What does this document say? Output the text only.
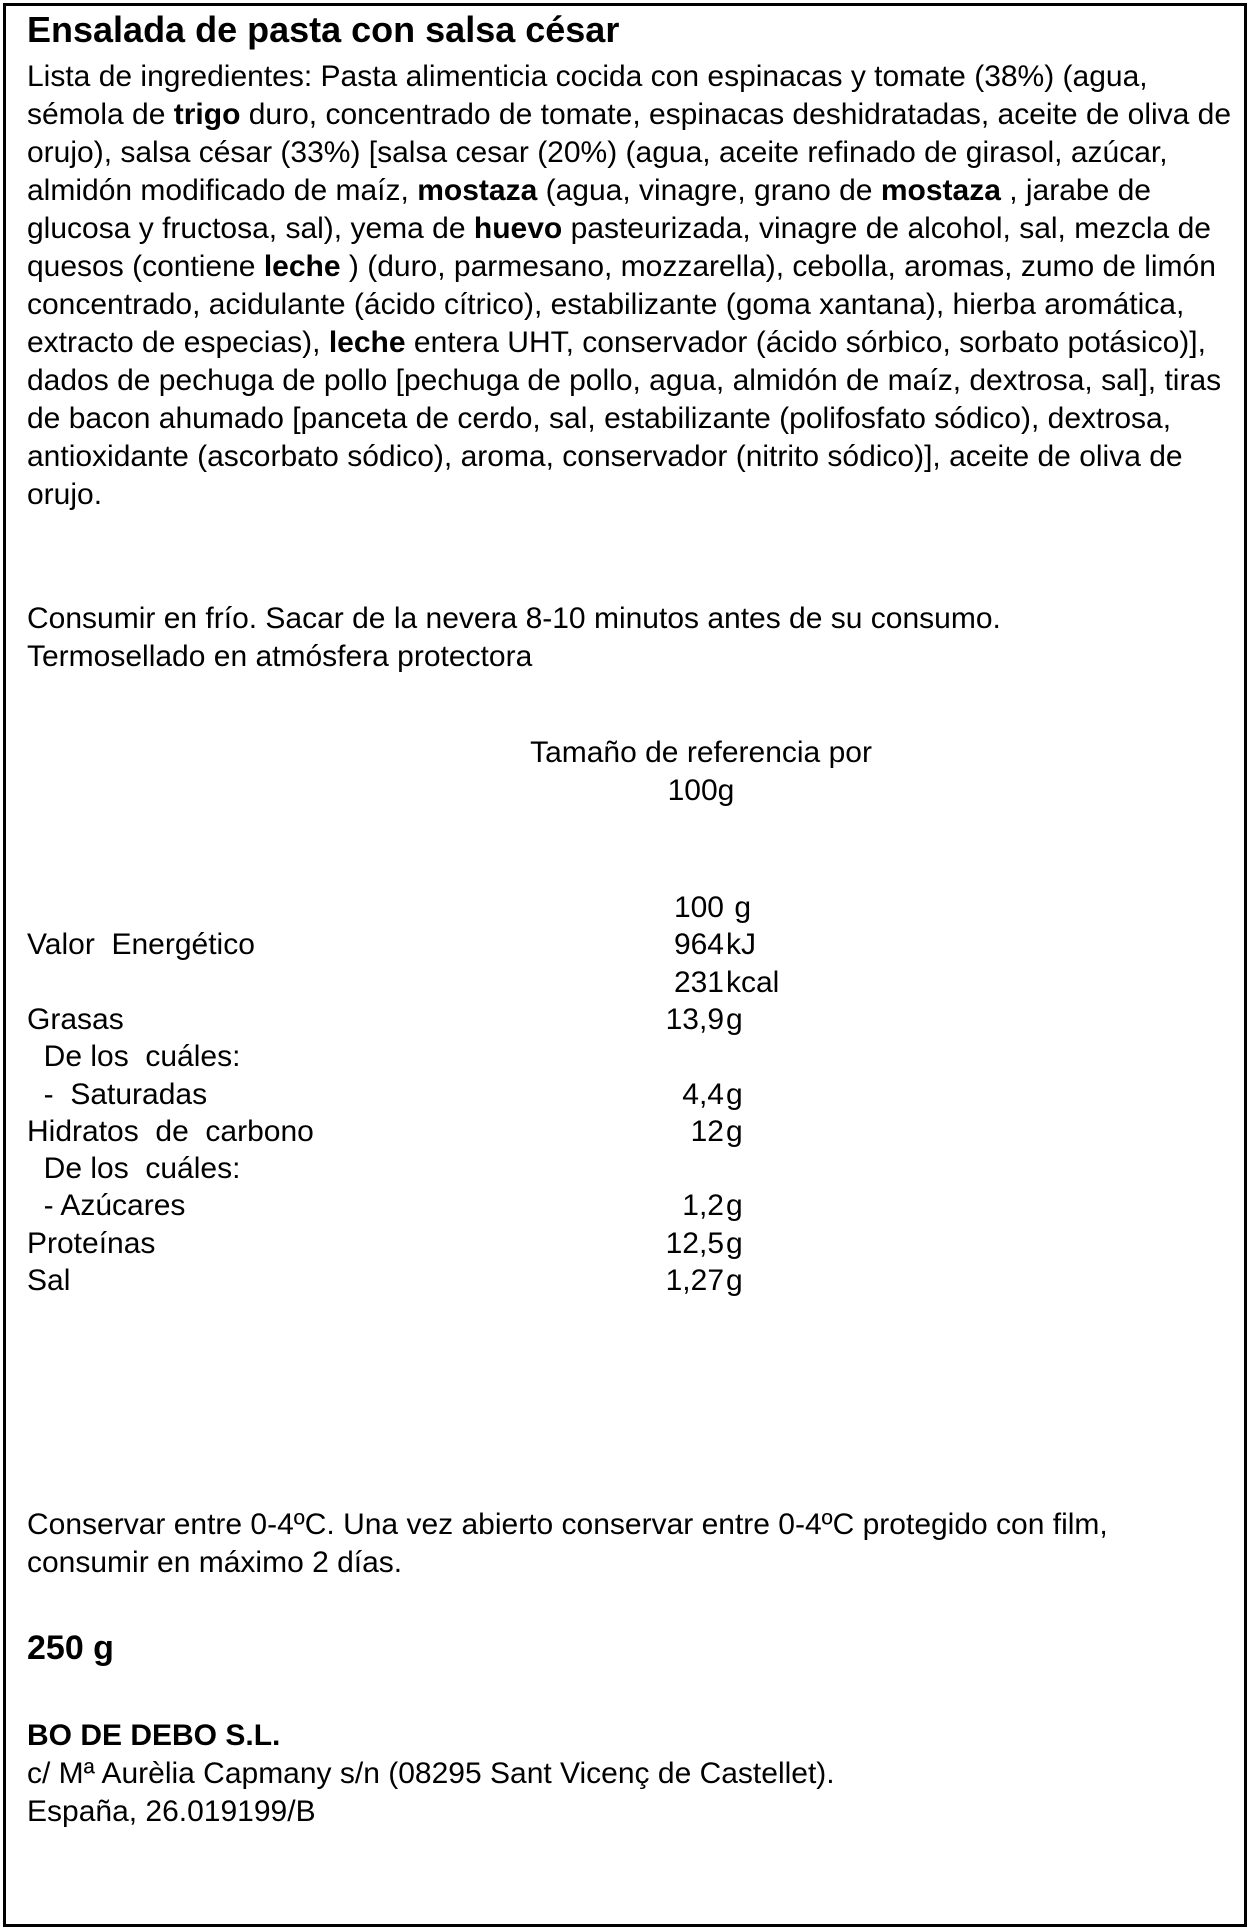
Ensalada de pasta con salsa césar
Lista de ingredientes: Pasta alimenticia cocida con espinacas y tomate (38%) (agua, sémola de trigo duro, concentrado de tomate, espinacas deshidratadas, aceite de oliva de orujo), salsa césar (33%) [salsa cesar (20%) (agua, aceite refinado de girasol, azúcar, almidón modificado de maíz, mostaza (agua, vinagre, grano de mostaza , jarabe de glucosa y fructosa, sal), yema de huevo pasteurizada, vinagre de alcohol, sal, mezcla de quesos (contiene leche ) (duro, parmesano, mozzarella), cebolla, aromas, zumo de limón concentrado, acidulante (ácido cítrico), estabilizante (goma xantana), hierba aromática, extracto de especias), leche entera UHT, conservador (ácido sórbico, sorbato potásico)], dados de pechuga de pollo [pechuga de pollo, agua, almidón de maíz, dextrosa, sal], tiras de bacon ahumado [panceta de cerdo, sal, estabilizante (polifosfato sódico), dextrosa, antioxidante (ascorbato sódico), aroma, conservador (nitrito sódico)], aceite de oliva de orujo.
Consumir en frío. Sacar de la nevera 8-10 minutos antes de su consumo.
Termosellado en atmósfera protectora
Tamaño de referencia por
100g
100 g
Valor  Energético	964 kJ
231 kcal
Grasas	13,9 g
De los  cuáles:
-  Saturadas	4,4 g
Hidratos  de  carbono	12 g
De los  cuáles:
- Azúcares	1,2 g
Proteínas	12,5 g
Sal	1,27 g
Conservar entre 0-4ºC. Una vez abierto conservar entre 0-4ºC protegido con film, consumir en máximo 2 días.
250 g
BO DE DEBO S.L.
c/ Mª Aurèlia Capmany s/n (08295 Sant Vicenç de Castellet).
España, 26.019199/B
